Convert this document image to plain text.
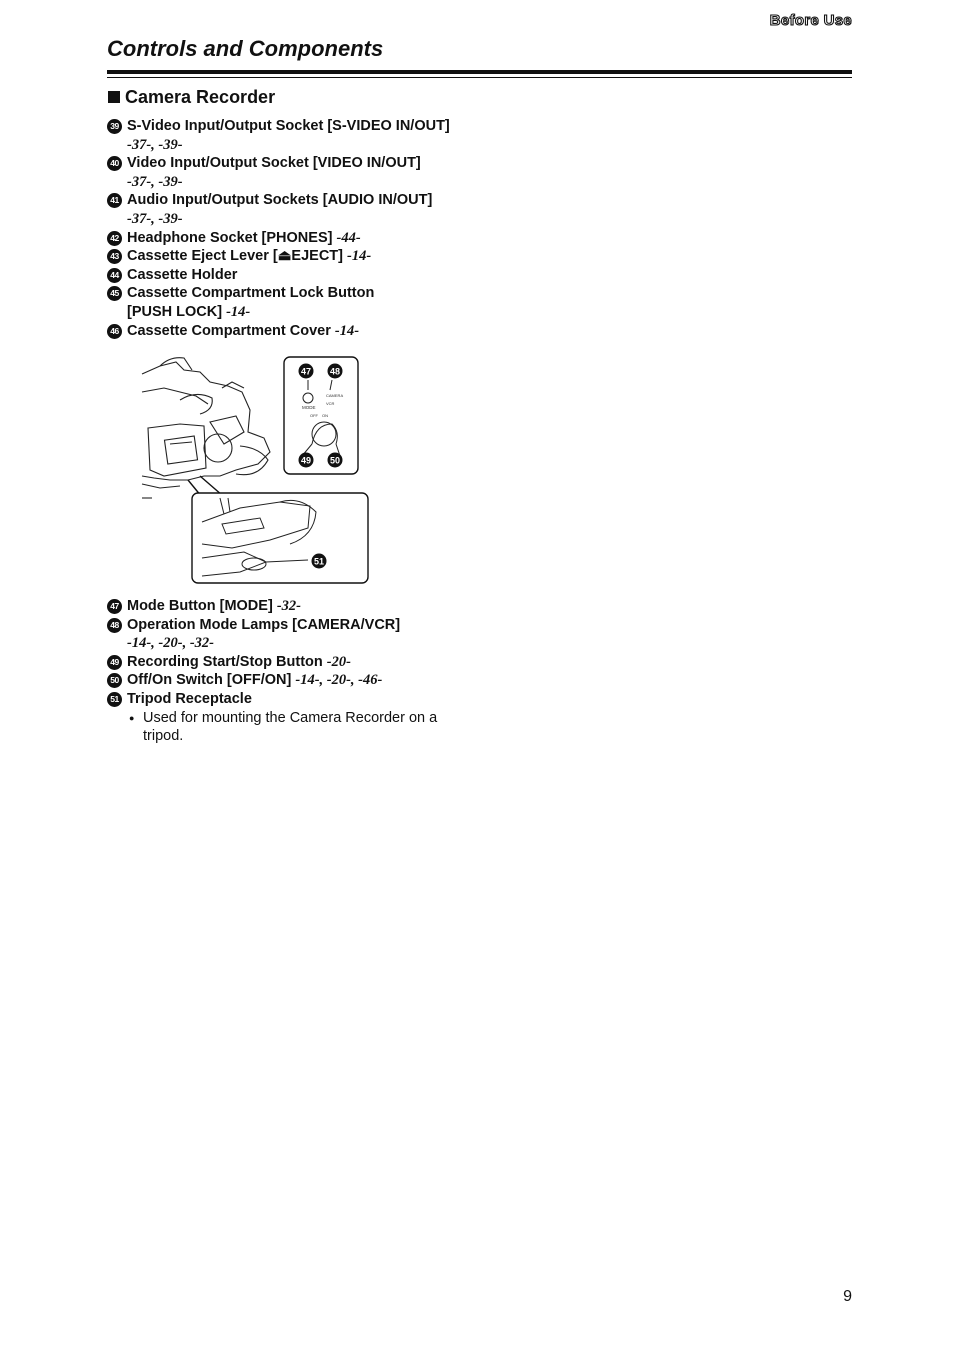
Before Use
Controls and Components
Camera Recorder
39 S-Video Input/Output Socket [S-VIDEO IN/OUT]
-37-, -39-
40 Video Input/Output Socket [VIDEO IN/OUT]
-37-, -39-
41 Audio Input/Output Sockets [AUDIO IN/OUT]
-37-, -39-
42 Headphone Socket [PHONES] -44-
43 Cassette Eject Lever [⏏EJECT] -14-
44 Cassette Holder
45 Cassette Compartment Lock Button
[PUSH LOCK] -14-
46 Cassette Compartment Cover -14-
MODE
CAMERA
VCR
OFF ON
47 48
49 50
51
47 Mode Button [MODE] -32-
48 Operation Mode Lamps [CAMERA/VCR]
-14-, -20-, -32-
49 Recording Start/Stop Button -20-
50 Off/On Switch [OFF/ON] -14-, -20-, -46-
51 Tripod Receptacle
● Used for mounting the Camera Recorder on a tripod.
9
